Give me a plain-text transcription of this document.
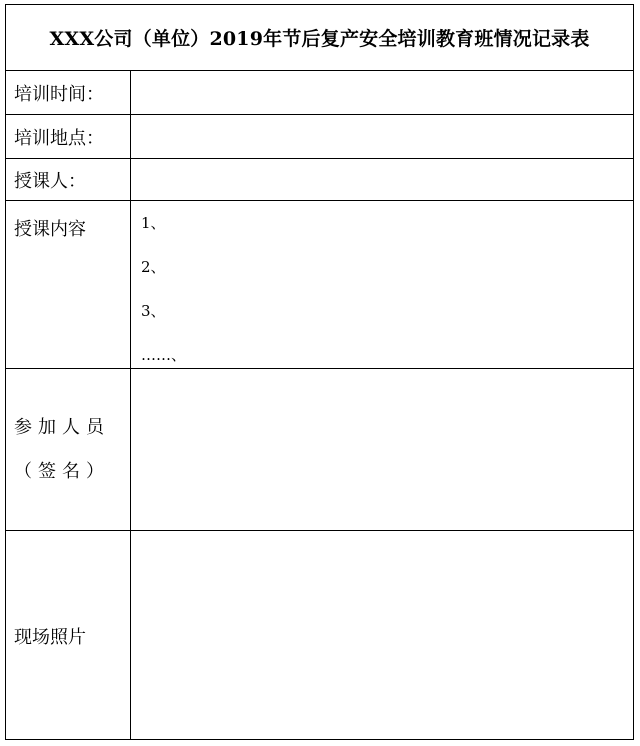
XXX公司（单位）2019年节后复产安全培训教育班情况记录表
培训时间：
培训地点：
授课人：
授课内容	1、
2、
3、
……、
参加人员
（签名）
现场照片
